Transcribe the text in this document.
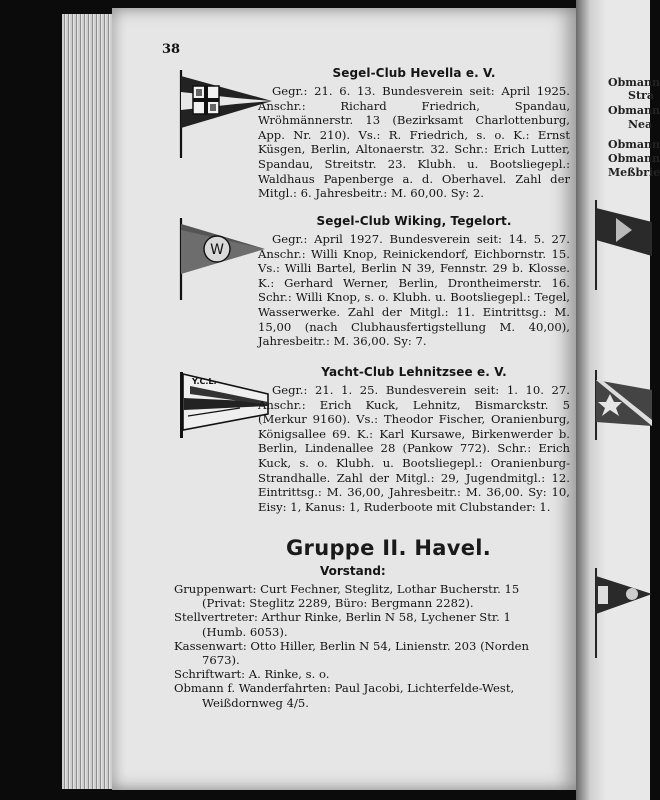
Obmann
Stra
Obmann
Nea
Obmann
Obmann
Meßbrie
38
W
Y.C.L.

Segel-Club Hevella e. V.

Gegr.: 21. 6. 13. Bundesverein seit: April 1925. Anschr.: Richard Friedrich, Spandau, Wröhmännerstr. 13 (Bezirksamt Charlottenburg, App. Nr. 210). Vs.: R. Friedrich, s. o. K.: Ernst Küsgen, Berlin, Altonaerstr. 32. Schr.: Erich Lutter, Spandau, Streitstr. 23. Klubh. u. Bootsliegepl.: Waldhaus Papenberge a. d. Oberhavel. Zahl der Mitgl.: 6. Jahresbeitr.: M. 60,00. Sy: 2.

Segel-Club Wiking, Tegelort.

Gegr.: April 1927. Bundesverein seit: 14. 5. 27. Anschr.: Willi Knop, Reinickendorf, Eichbornstr. 15. Vs.: Willi Bartel, Berlin N 39, Fennstr. 29 b. Klosse. K.: Gerhard Werner, Berlin, Drontheimerstr. 16. Schr.: Willi Knop, s. o. Klubh. u. Bootsliegepl.: Tegel, Wasserwerke. Zahl der Mitgl.: 11. Eintrittsg.: M. 15,00 (nach Clubhausfertigstellung M. 40,00), Jahresbeitr.: M. 36,00. Sy: 7.

Yacht-Club Lehnitzsee e. V.

Gegr.: 21. 1. 25. Bundesverein seit: 1. 10. 27. Anschr.: Erich Kuck, Lehnitz, Bismarckstr. 5 (Merkur 9160). Vs.: Theodor Fischer, Oranienburg, Königsallee 69. K.: Karl Kursawe, Birkenwerder b. Berlin, Lindenallee 28 (Pankow 772). Schr.: Erich Kuck, s. o. Klubh. u. Bootsliegepl.: Oranienburg-Strandhalle. Zahl der Mitgl.: 29, Jugendmitgl.: 12. Eintrittsg.: M. 36,00, Jahresbeitr.: M. 36,00. Sy: 10, Eisy: 1, Kanus: 1, Ruderboote mit Clubstander: 1.

Gruppe II. Havel.
Vorstand:
Gruppenwart: Curt Fechner, Steglitz, Lothar Bucherstr. 15
(Privat: Steglitz 2289, Büro: Bergmann 2282).
Stellvertreter: Arthur Rinke, Berlin N 58, Lychener Str. 1
(Humb. 6053).
Kassenwart: Otto Hiller, Berlin N 54, Linienstr. 203 (Norden
7673).
Schriftwart: A. Rinke, s. o.
Obmann f. Wanderfahrten: Paul Jacobi, Lichterfelde-West,
Weißdornweg 4/5.
